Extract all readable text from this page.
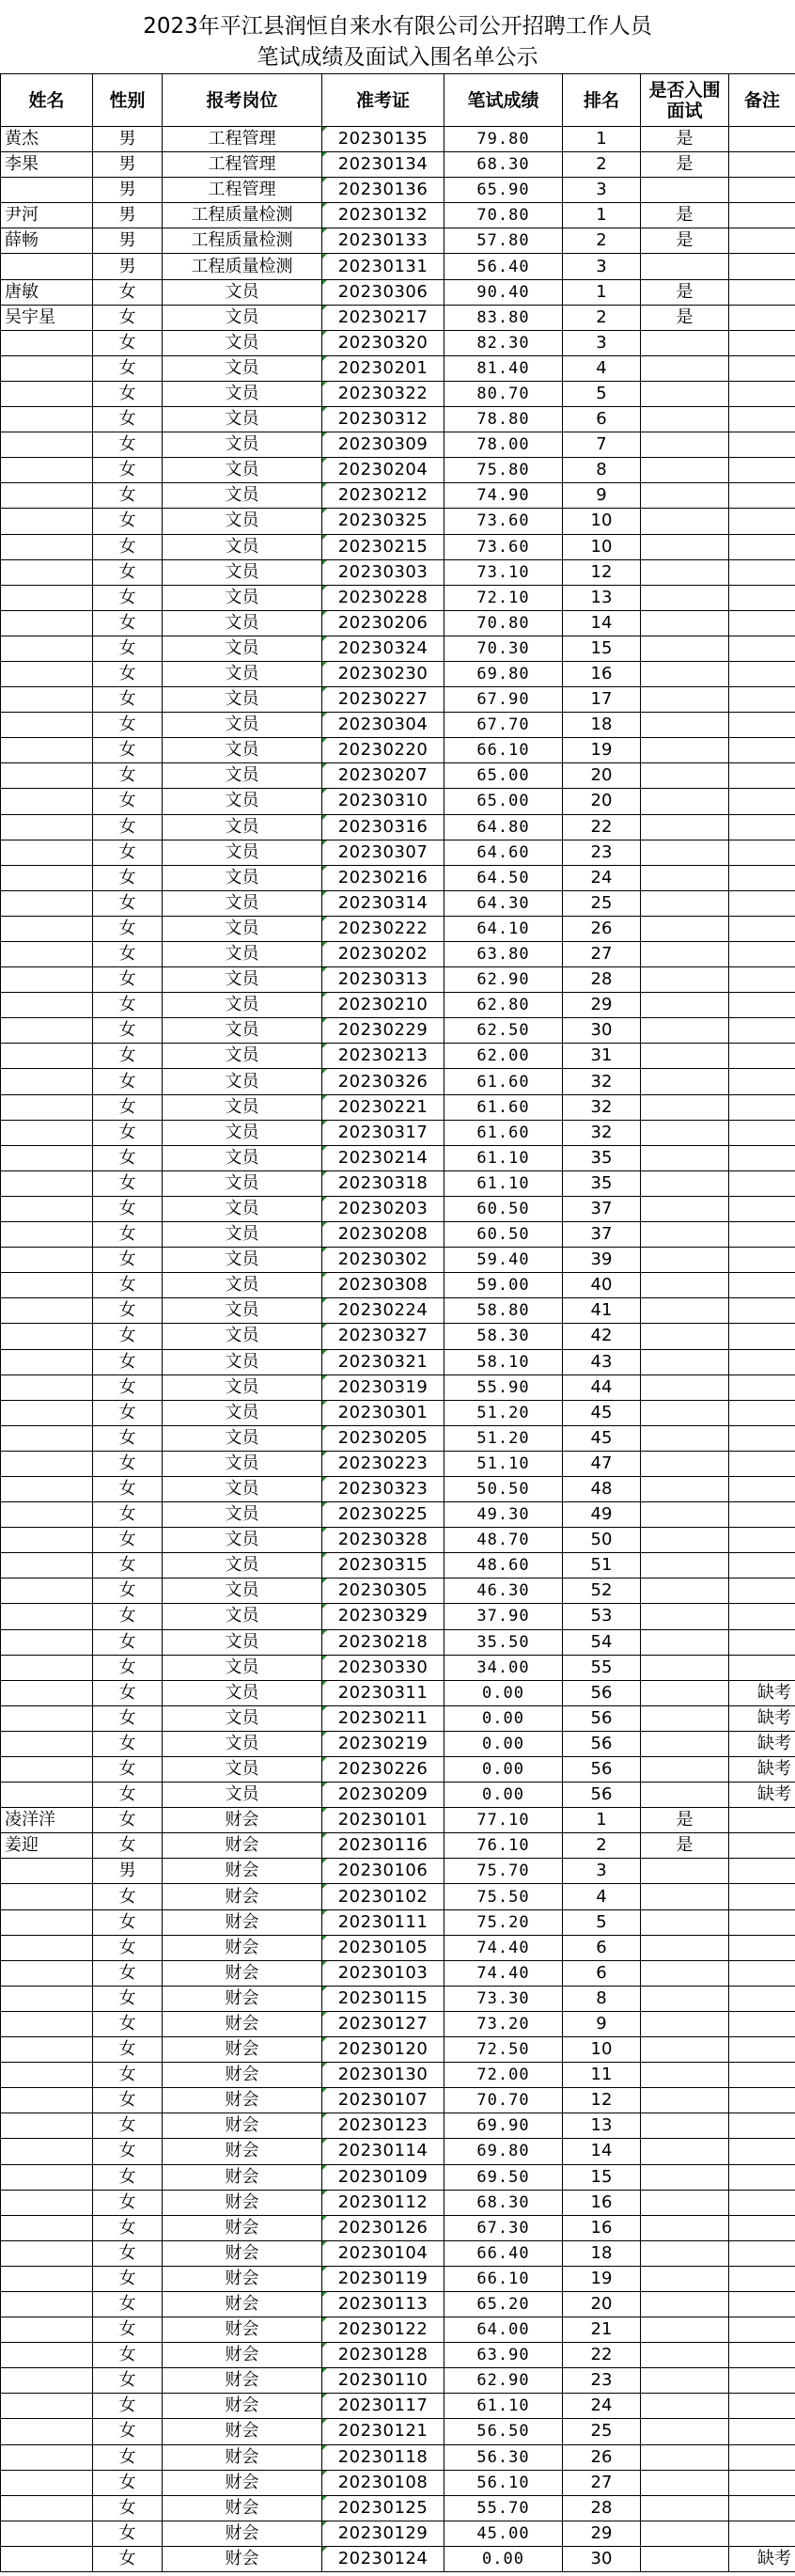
2023年平江县润恒自来水有限公司公开招聘工作人员
笔试成绩及面试入围名单公示
姓名	性别	报考岗位	准考证	笔试成绩	排名	是否入围面试	备注
黄杰	男	工程管理	20230135	79.80	1	是	
李果	男	工程管理	20230134	68.30	2	是	
	男	工程管理	20230136	65.90	3		
尹河	男	工程质量检测	20230132	70.80	1	是	
薛畅	男	工程质量检测	20230133	57.80	2	是	
	男	工程质量检测	20230131	56.40	3		
唐敏	女	文员	20230306	90.40	1	是	
吴宇星	女	文员	20230217	83.80	2	是	
	女	文员	20230320	82.30	3		
	女	文员	20230201	81.40	4		
	女	文员	20230322	80.70	5		
	女	文员	20230312	78.80	6		
	女	文员	20230309	78.00	7		
	女	文员	20230204	75.80	8		
	女	文员	20230212	74.90	9		
	女	文员	20230325	73.60	10		
	女	文员	20230215	73.60	10		
	女	文员	20230303	73.10	12		
	女	文员	20230228	72.10	13		
	女	文员	20230206	70.80	14		
	女	文员	20230324	70.30	15		
	女	文员	20230230	69.80	16		
	女	文员	20230227	67.90	17		
	女	文员	20230304	67.70	18		
	女	文员	20230220	66.10	19		
	女	文员	20230207	65.00	20		
	女	文员	20230310	65.00	20		
	女	文员	20230316	64.80	22		
	女	文员	20230307	64.60	23		
	女	文员	20230216	64.50	24		
	女	文员	20230314	64.30	25		
	女	文员	20230222	64.10	26		
	女	文员	20230202	63.80	27		
	女	文员	20230313	62.90	28		
	女	文员	20230210	62.80	29		
	女	文员	20230229	62.50	30		
	女	文员	20230213	62.00	31		
	女	文员	20230326	61.60	32		
	女	文员	20230221	61.60	32		
	女	文员	20230317	61.60	32		
	女	文员	20230214	61.10	35		
	女	文员	20230318	61.10	35		
	女	文员	20230203	60.50	37		
	女	文员	20230208	60.50	37		
	女	文员	20230302	59.40	39		
	女	文员	20230308	59.00	40		
	女	文员	20230224	58.80	41		
	女	文员	20230327	58.30	42		
	女	文员	20230321	58.10	43		
	女	文员	20230319	55.90	44		
	女	文员	20230301	51.20	45		
	女	文员	20230205	51.20	45		
	女	文员	20230223	51.10	47		
	女	文员	20230323	50.50	48		
	女	文员	20230225	49.30	49		
	女	文员	20230328	48.70	50		
	女	文员	20230315	48.60	51		
	女	文员	20230305	46.30	52		
	女	文员	20230329	37.90	53		
	女	文员	20230218	35.50	54		
	女	文员	20230330	34.00	55		
	女	文员	20230311	0.00	56		缺考
	女	文员	20230211	0.00	56		缺考
	女	文员	20230219	0.00	56		缺考
	女	文员	20230226	0.00	56		缺考
	女	文员	20230209	0.00	56		缺考
凌洋洋	女	财会	20230101	77.10	1	是	
姜迎	女	财会	20230116	76.10	2	是	
	男	财会	20230106	75.70	3		
	女	财会	20230102	75.50	4		
	女	财会	20230111	75.20	5		
	女	财会	20230105	74.40	6		
	女	财会	20230103	74.40	6		
	女	财会	20230115	73.30	8		
	女	财会	20230127	73.20	9		
	女	财会	20230120	72.50	10		
	女	财会	20230130	72.00	11		
	女	财会	20230107	70.70	12		
	女	财会	20230123	69.90	13		
	女	财会	20230114	69.80	14		
	女	财会	20230109	69.50	15		
	女	财会	20230112	68.30	16		
	女	财会	20230126	67.30	16		
	女	财会	20230104	66.40	18		
	女	财会	20230119	66.10	19		
	女	财会	20230113	65.20	20		
	女	财会	20230122	64.00	21		
	女	财会	20230128	63.90	22		
	女	财会	20230110	62.90	23		
	女	财会	20230117	61.10	24		
	女	财会	20230121	56.50	25		
	女	财会	20230118	56.30	26		
	女	财会	20230108	56.10	27		
	女	财会	20230125	55.70	28		
	女	财会	20230129	45.00	29		
	女	财会	20230124	0.00	30		缺考
